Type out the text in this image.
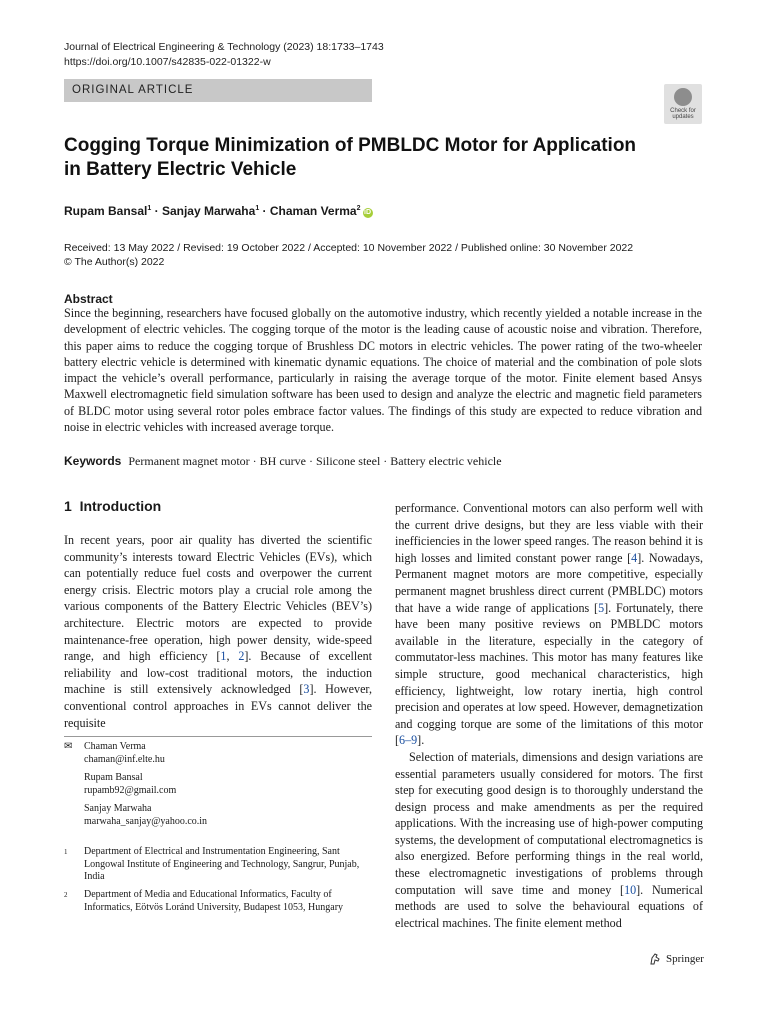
Journal of Electrical Engineering & Technology (2023) 18:1733–1743
https://doi.org/10.1007/s42835-022-01322-w
ORIGINAL ARTICLE
Check for
updates
Cogging Torque Minimization of PMBLDC Motor for Application
in Battery Electric Vehicle
Rupam Bansal$^1$ · Sanjay Marwaha$^1$ · Chaman Verma$^2$iD
Received: 13 May 2022 / Revised: 19 October 2022 / Accepted: 10 November 2022 / Published online: 30 November 2022
© The Author(s) 2022
Abstract
Since the beginning, researchers have focused globally on the automotive industry, which recently yielded a notable increase in the development of electric vehicles. The cogging torque of the motor is the leading cause of acoustic noise and vibration. Therefore, this paper aims to reduce the cogging torque of Brushless DC motors in electric vehicles. The power rating of the two-wheeler battery electric vehicle is determined with kinematic dynamic equations. The choice of material and the combination of pole slots impact the vehicle’s overall performance, particularly in raising the average torque of the motor. Finite element based Ansys Maxwell electromagnetic field simulation software has been used to design and analyze the electric and magnetic field parameters of BLDC motor using several rotor poles embrace factor values. The findings of this study are expected to reduce vibration and noise in electric vehicles with increased average torque.
Keywords Permanent magnet motor · BH curve · Silicone steel · Battery electric vehicle
1 Introduction
In recent years, poor air quality has diverted the scientific community’s interests toward Electric Vehicles (EVs), which can potentially reduce fuel costs and overpower the current energy crisis. Electric motors play a crucial role among the various components of the Battery Electric Vehicles (BEV’s) architecture. Electric motors are expected to provide maintenance-free operation, high power density, wide-speed range, and high efficiency [1, 2]. Because of excellent reliability and low-cost traditional motors, the induction machine is still extensively acknowledged [3]. However, conventional control approaches in EVs cannot deliver the requisite
performance. Conventional motors can also perform well with the current drive designs, but they are less viable with their inefficiencies in the lower speed ranges. The reason behind it is high losses and limited constant power range [4]. Nowadays, Permanent magnet motors are more competitive, especially permanent magnet brushless direct current (PMBLDC) motors that have a wide range of applications [5]. Fortunately, there have been many positive reviews on PMBLDC motors available in the literature, especially in the category of commutator-less machines. This motor has many features like simple structure, good mechanical characteristics, high efficiency, lightweight, low rotary inertia, high control precision and operates at low speed. However, demagnetization and cogging torque are some of the limitations of this motor [6–9].
Selection of materials, dimensions and design variations are essential parameters usually considered for motors. The first step for executing good design is to thoroughly understand the design process and make amendments as per the required applications. With the increasing use of high-power computing systems, the development of computational electromagnetics is also energized. Before performing things in the real world, these electromagnetic investigations of problems through computation will save time and money [10]. Numerical methods are used to solve the behavioural equations of electrical machines. The finite element method
✉	Chaman Verma
chaman@inf.elte.hu
Rupam Bansal
rupamb92@gmail.com
Sanjay Marwaha
marwaha_sanjay@yahoo.co.in
1	Department of Electrical and Instrumentation Engineering, Sant Longowal Institute of Engineering and Technology, Sangrur, Punjab, India
2	Department of Media and Educational Informatics, Faculty of Informatics, Eötvös Loránd University, Budapest 1053, Hungary
Springer
